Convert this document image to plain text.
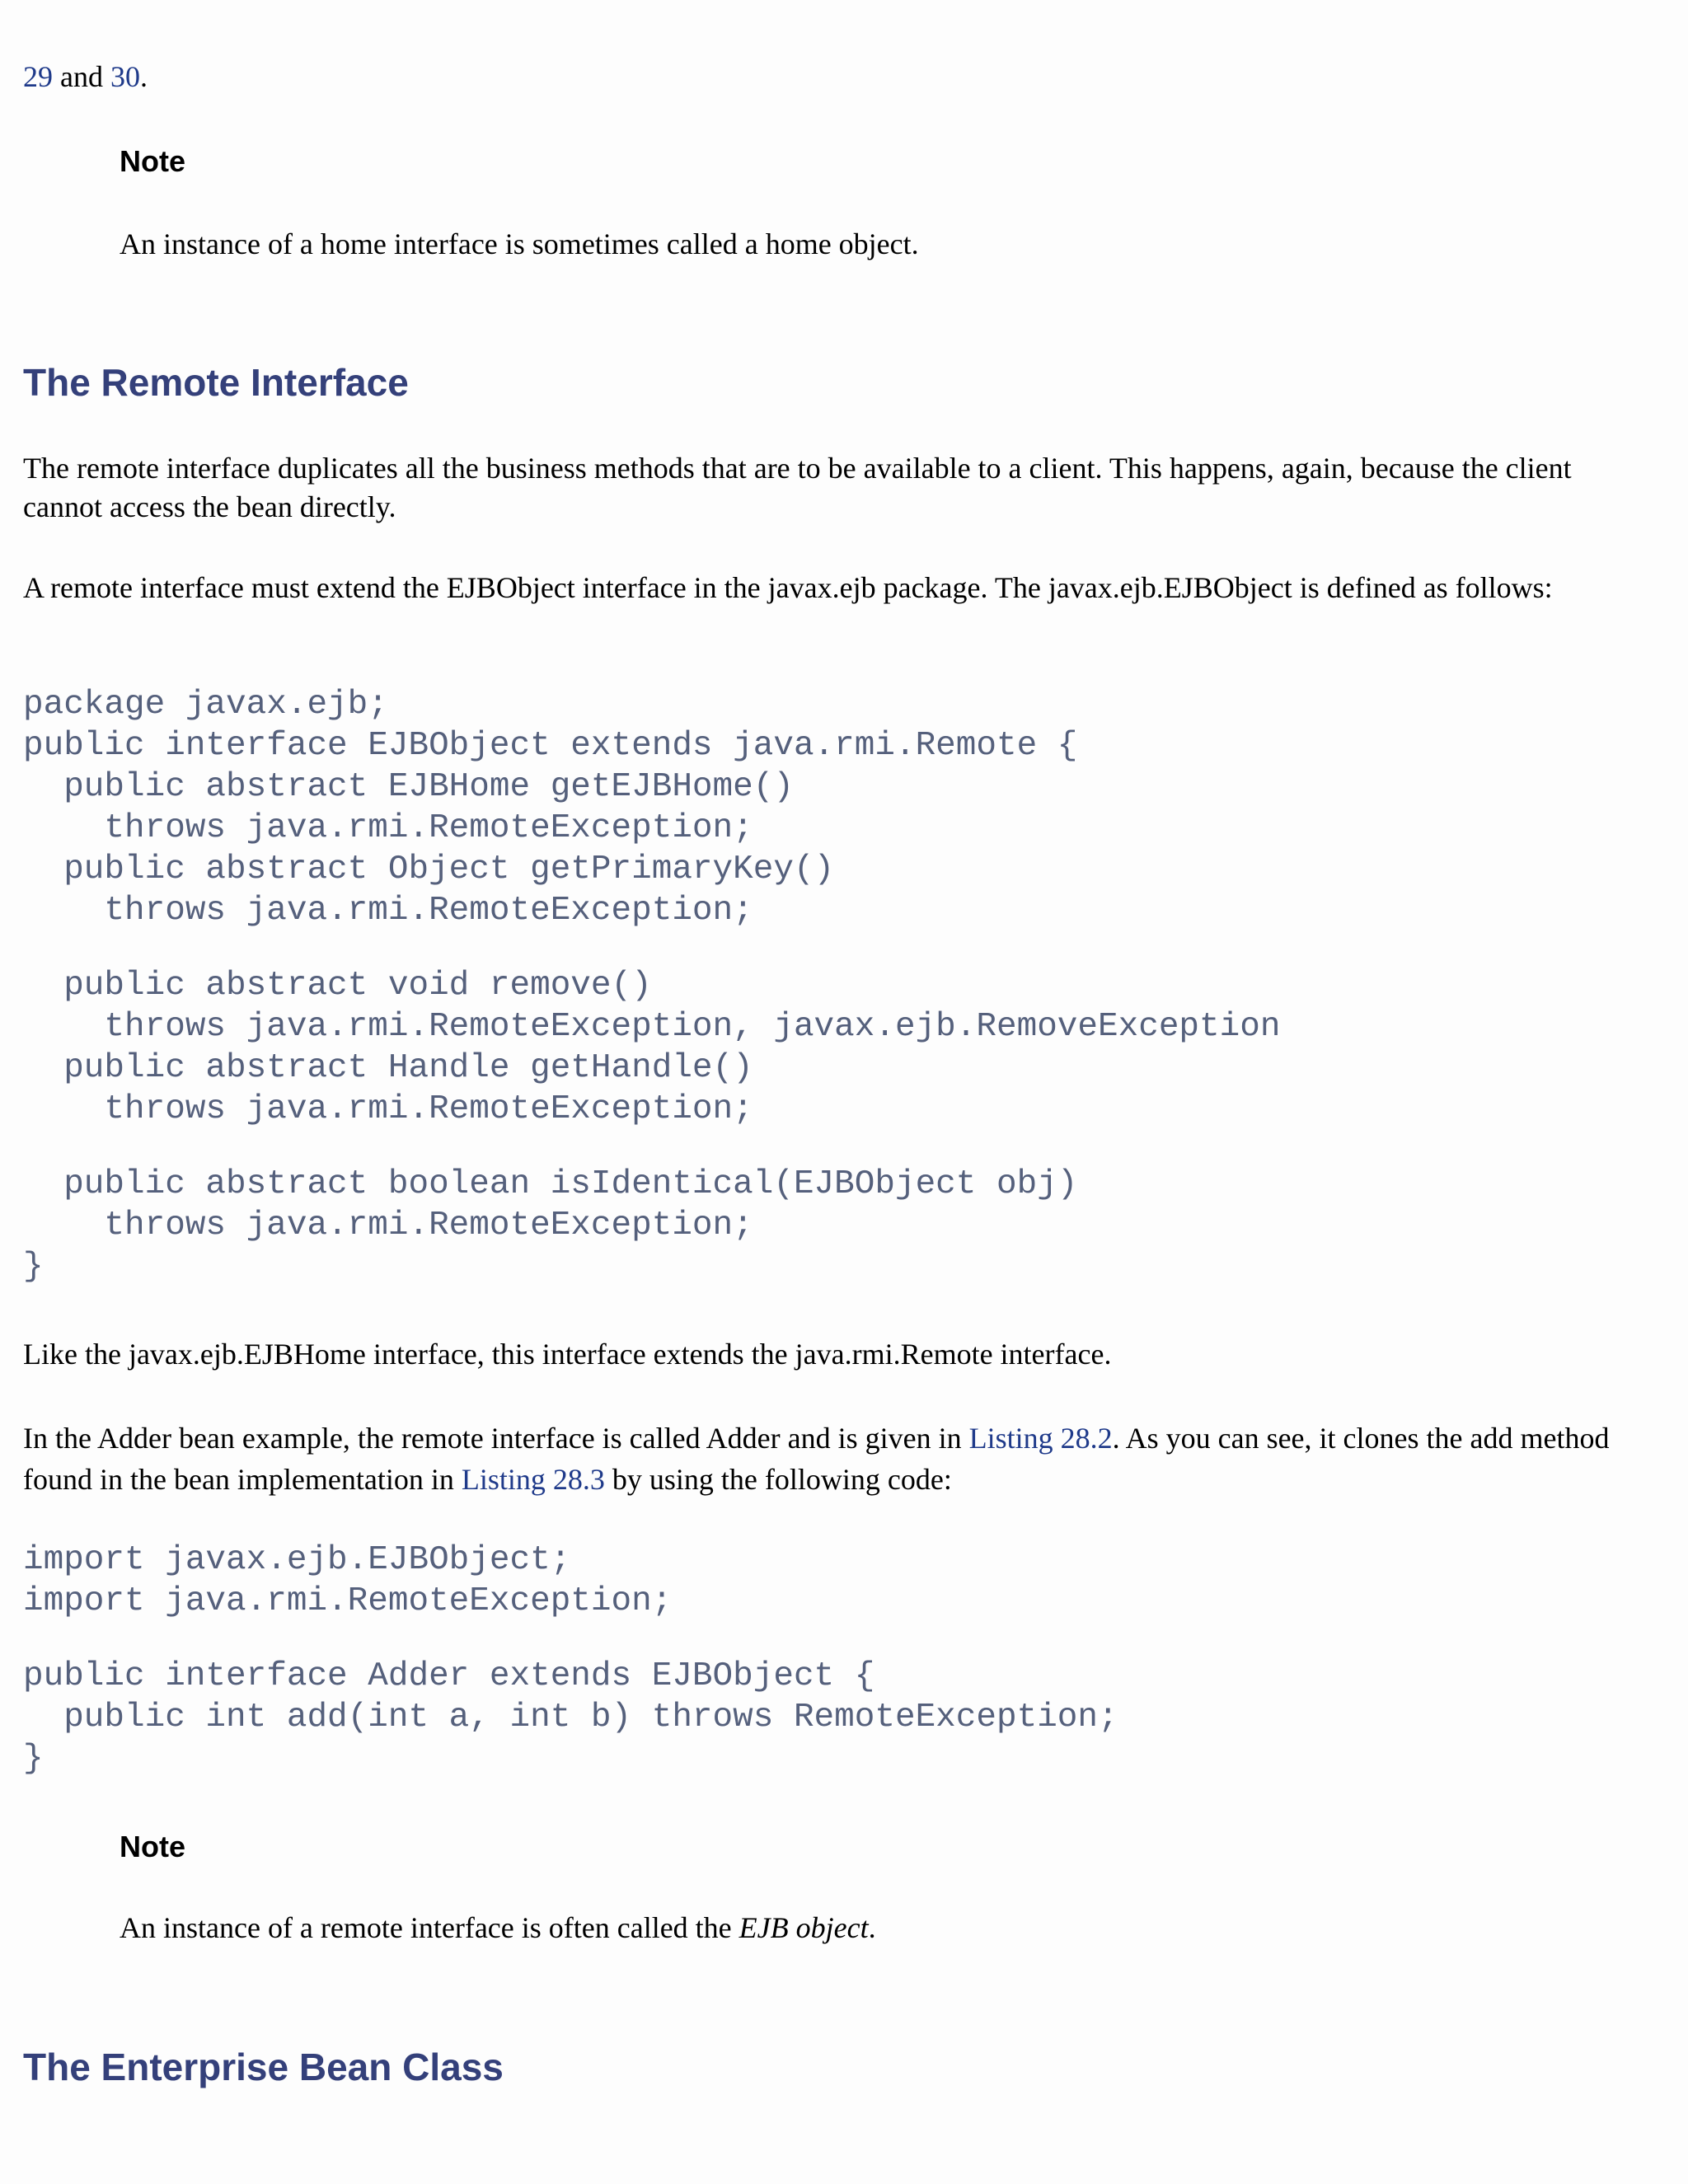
29 and 30.

Note

An instance of a home interface is sometimes called a home object.

The Remote Interface

The remote interface duplicates all the business methods that are to be available to a client. This happens, again, because the client cannot access the bean directly.

A remote interface must extend the EJBObject interface in the javax.ejb package. The javax.ejb.EJBObject is defined as follows:

package javax.ejb;
public interface EJBObject extends java.rmi.Remote {
public abstract EJBHome getEJBHome()
throws java.rmi.RemoteException;
public abstract Object getPrimaryKey()
throws java.rmi.RemoteException;
public abstract void remove()
throws java.rmi.RemoteException, javax.ejb.RemoveException
public abstract Handle getHandle()
throws java.rmi.RemoteException;
public abstract boolean isIdentical(EJBObject obj)
throws java.rmi.RemoteException;
}

Like the javax.ejb.EJBHome interface, this interface extends the java.rmi.Remote interface.

In the Adder bean example, the remote interface is called Adder and is given in Listing 28.2. As you can see, it clones the add method found in the bean implementation in Listing 28.3 by using the following code:

import javax.ejb.EJBObject;
import java.rmi.RemoteException;
public interface Adder extends EJBObject {
public int add(int a, int b) throws RemoteException;
}

Note

An instance of a remote interface is often called the EJB object.

The Enterprise Bean Class
